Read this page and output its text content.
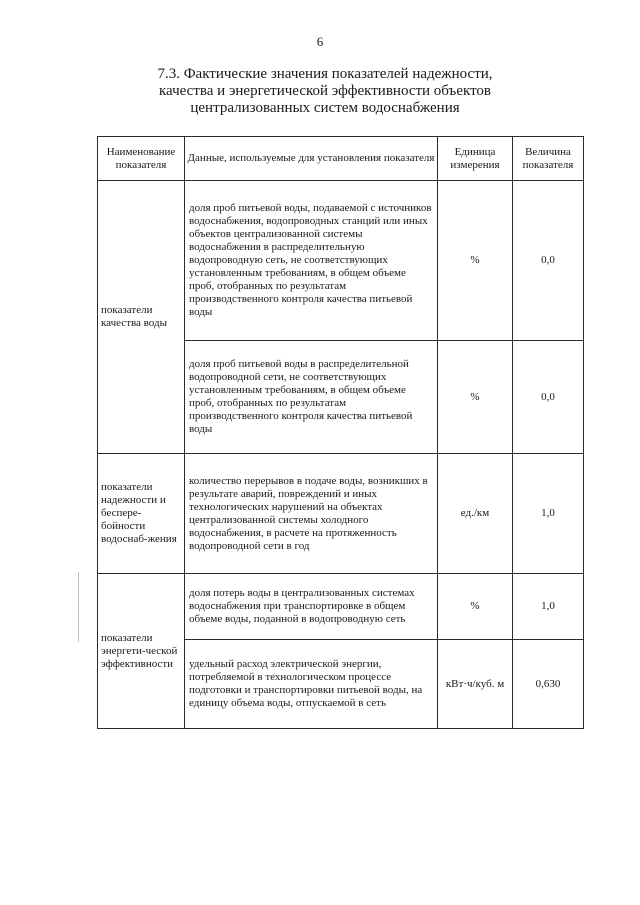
6
7.3. Фактические значения показателей надежности,
качества и энергетической эффективности объектов
централизованных систем водоснабжения
Наименование показателя	Данные, используемые для установления показателя	Единица измерения	Величина показателя
показатели качества воды	доля проб питьевой воды, подаваемой с источников водоснабжения, водопроводных станций или иных объектов централизованной системы водоснабжения в распределительную водопроводную сеть, не соответствующих установленным требованиям, в общем объеме проб, отобранных по результатам производственного контроля качества питьевой воды	%	0,0
	доля проб питьевой воды в распределительной водопроводной сети, не соответствующих установленным требованиям, в общем объеме проб, отобранных по результатам производственного контроля качества питьевой воды	%	0,0
показатели надежности и беспере-бойности водоснаб-жения	количество перерывов в подаче воды, возникших в результате аварий, повреждений и иных технологических нарушений на объектах централизованной системы холодного водоснабжения, в расчете на протяженность водопроводной сети в год	ед./км	1,0
показатели энергети-ческой эффективности	доля потерь воды в централизованных системах водоснабжения при транспортировке в общем объеме воды, поданной в водопроводную сеть	%	1,0
	удельный расход электрической энергии, потребляемой в технологическом процессе подготовки и транспортировки питьевой воды, на единицу объема воды, отпускаемой в сеть	кВт·ч/куб. м	0,630
